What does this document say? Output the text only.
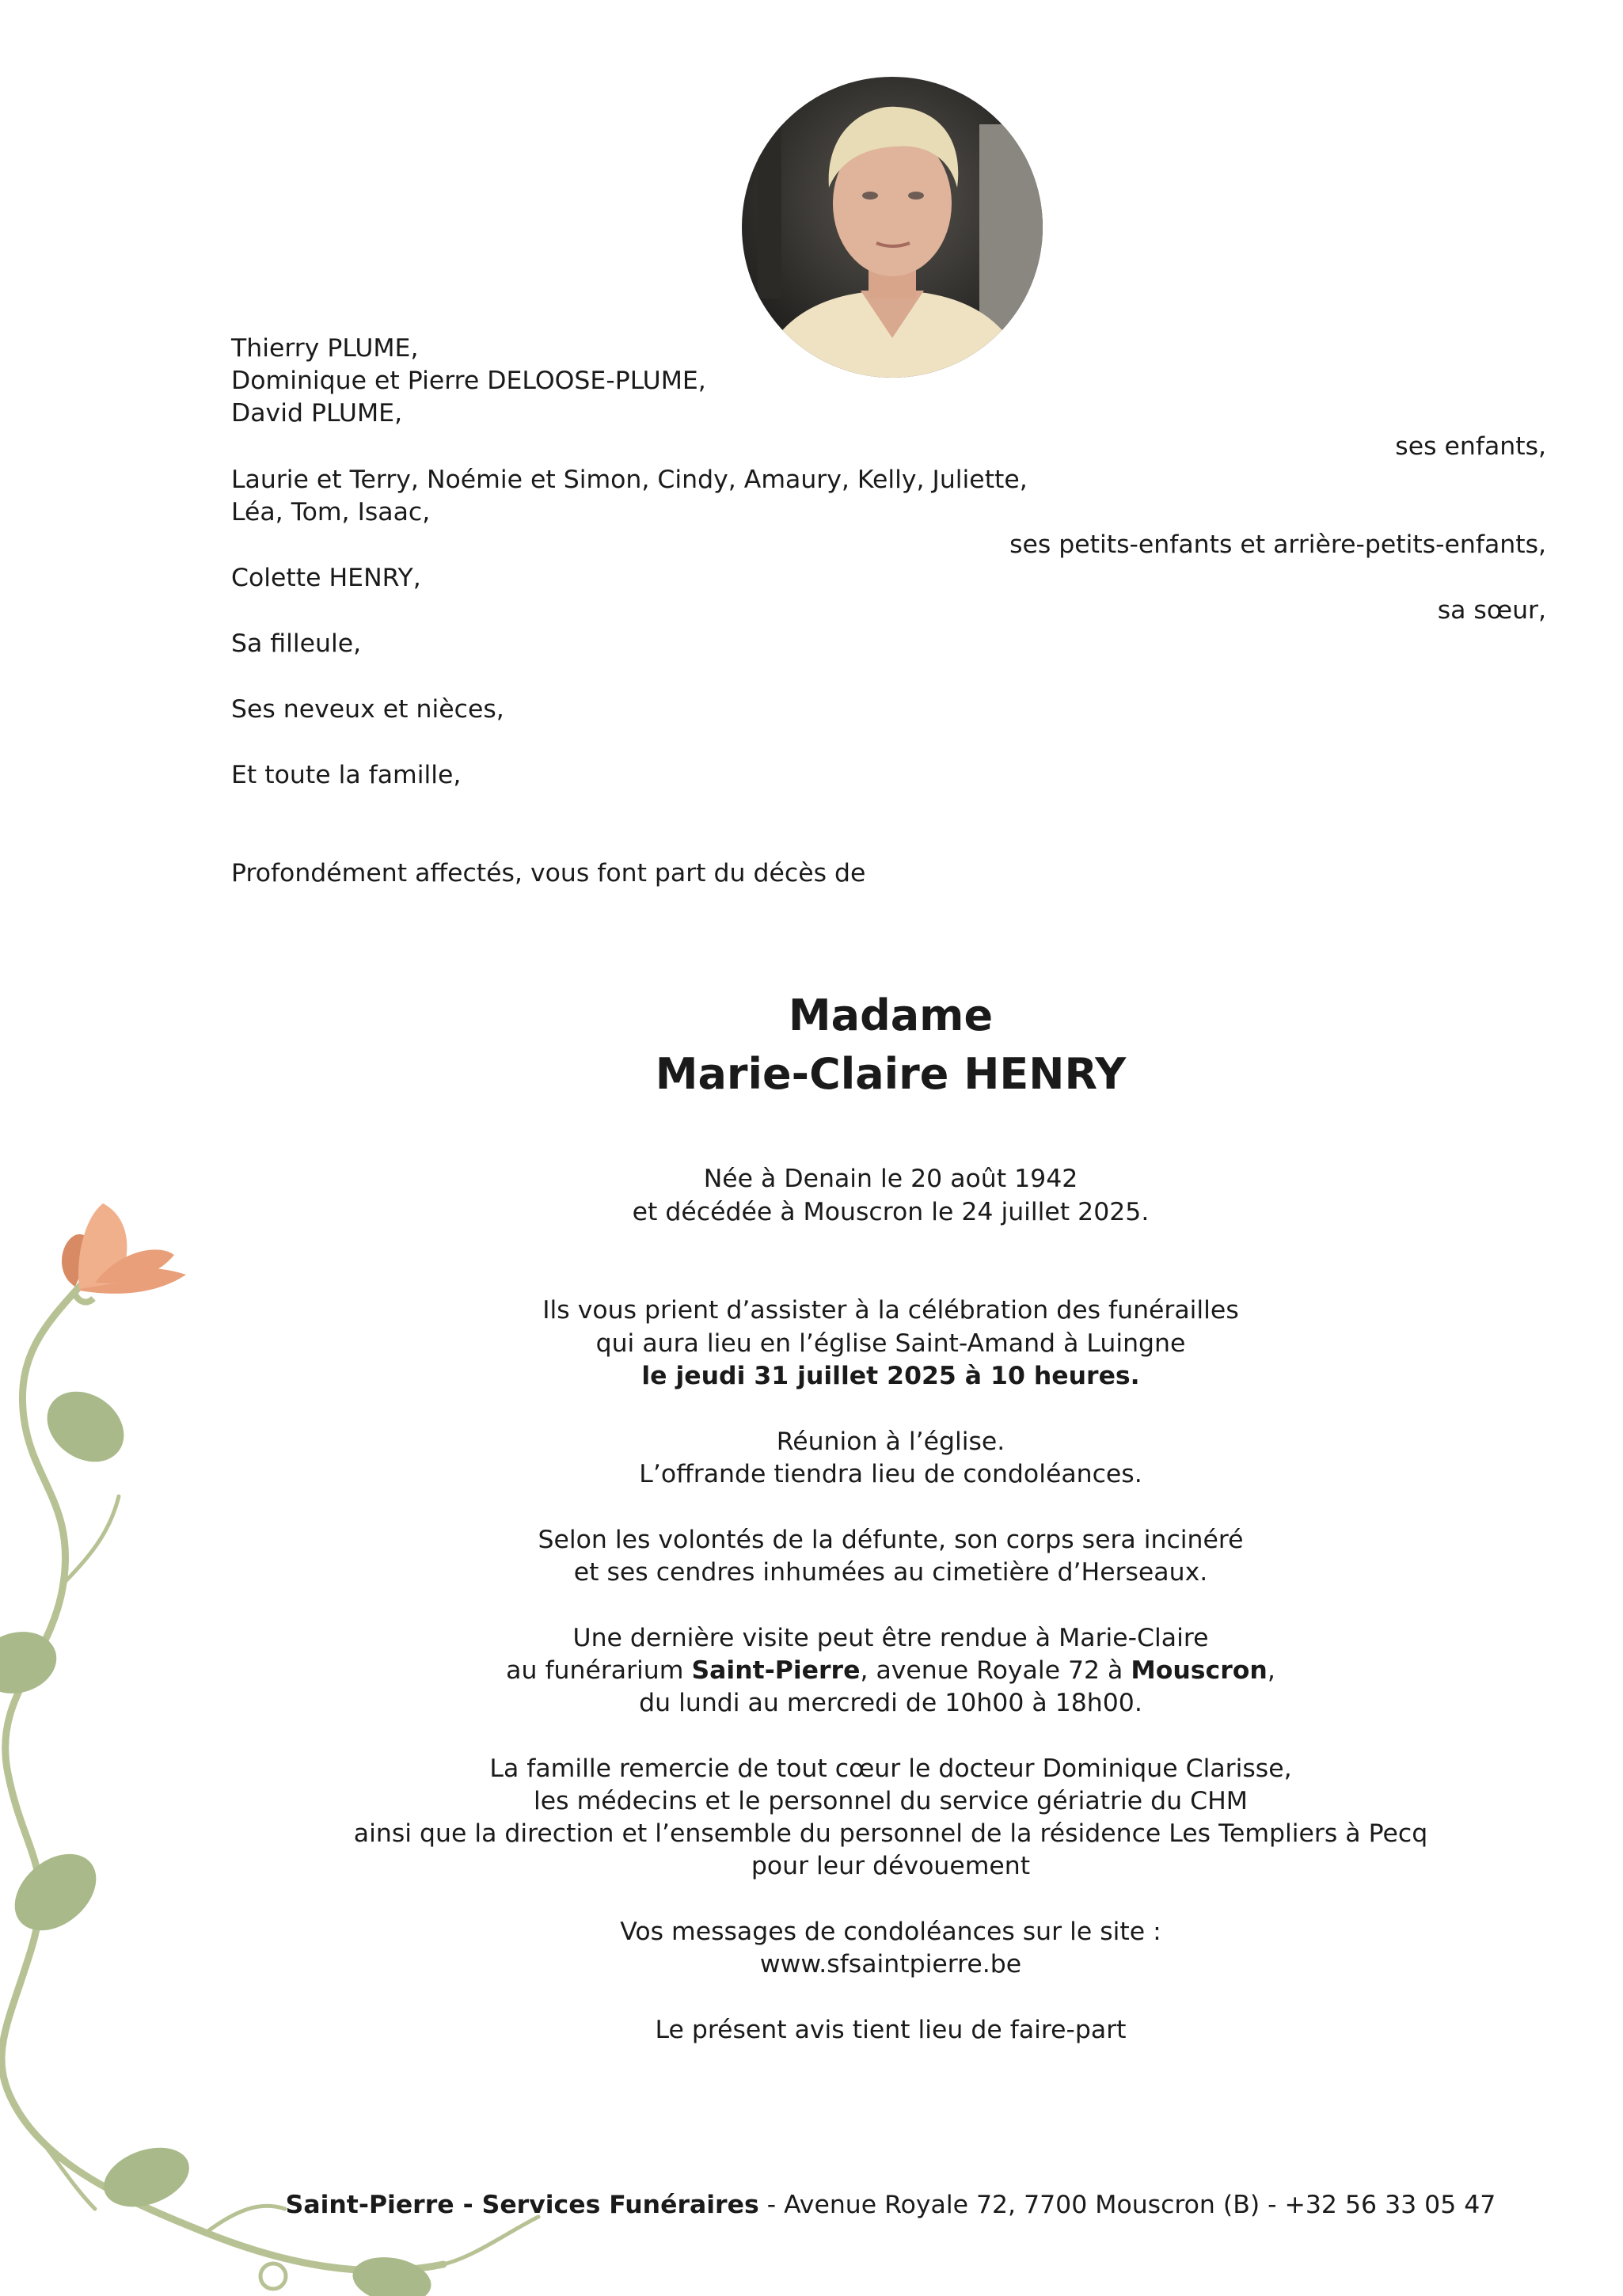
Thierry PLUME,
Dominique et Pierre DELOOSE-PLUME,
David PLUME,
ses enfants,
Laurie et Terry, Noémie et Simon, Cindy, Amaury, Kelly, Juliette,
Léa, Tom, Isaac,
ses petits-enfants et arrière-petits-enfants,
Colette HENRY,
sa sœur,
Sa filleule,
Ses neveux et nièces,
Et toute la famille,
Profondément affectés, vous font part du décès de
Madame
Marie-Claire HENRY
Née à Denain le 20 août 1942
et décédée à Mouscron le 24 juillet 2025.
Ils vous prient d’assister à la célébration des funérailles
qui aura lieu en l’église Saint-Amand à Luingne
le jeudi 31 juillet 2025 à 10 heures.
Réunion à l’église.
L’offrande tiendra lieu de condoléances.
Selon les volontés de la défunte, son corps sera incinéré
et ses cendres inhumées au cimetière d’Herseaux.
Une dernière visite peut être rendue à Marie-Claire
au funérarium Saint-Pierre, avenue Royale 72 à Mouscron,
du lundi au mercredi de 10h00 à 18h00.
La famille remercie de tout cœur le docteur Dominique Clarisse,
les médecins et le personnel du service gériatrie du CHM
ainsi que la direction et l’ensemble du personnel de la résidence Les Templiers à Pecq
pour leur dévouement
Vos messages de condoléances sur le site :
www.sfsaintpierre.be
Le présent avis tient lieu de faire-part
Saint-Pierre - Services Funéraires - Avenue Royale 72, 7700 Mouscron (B) - +32 56 33 05 47
